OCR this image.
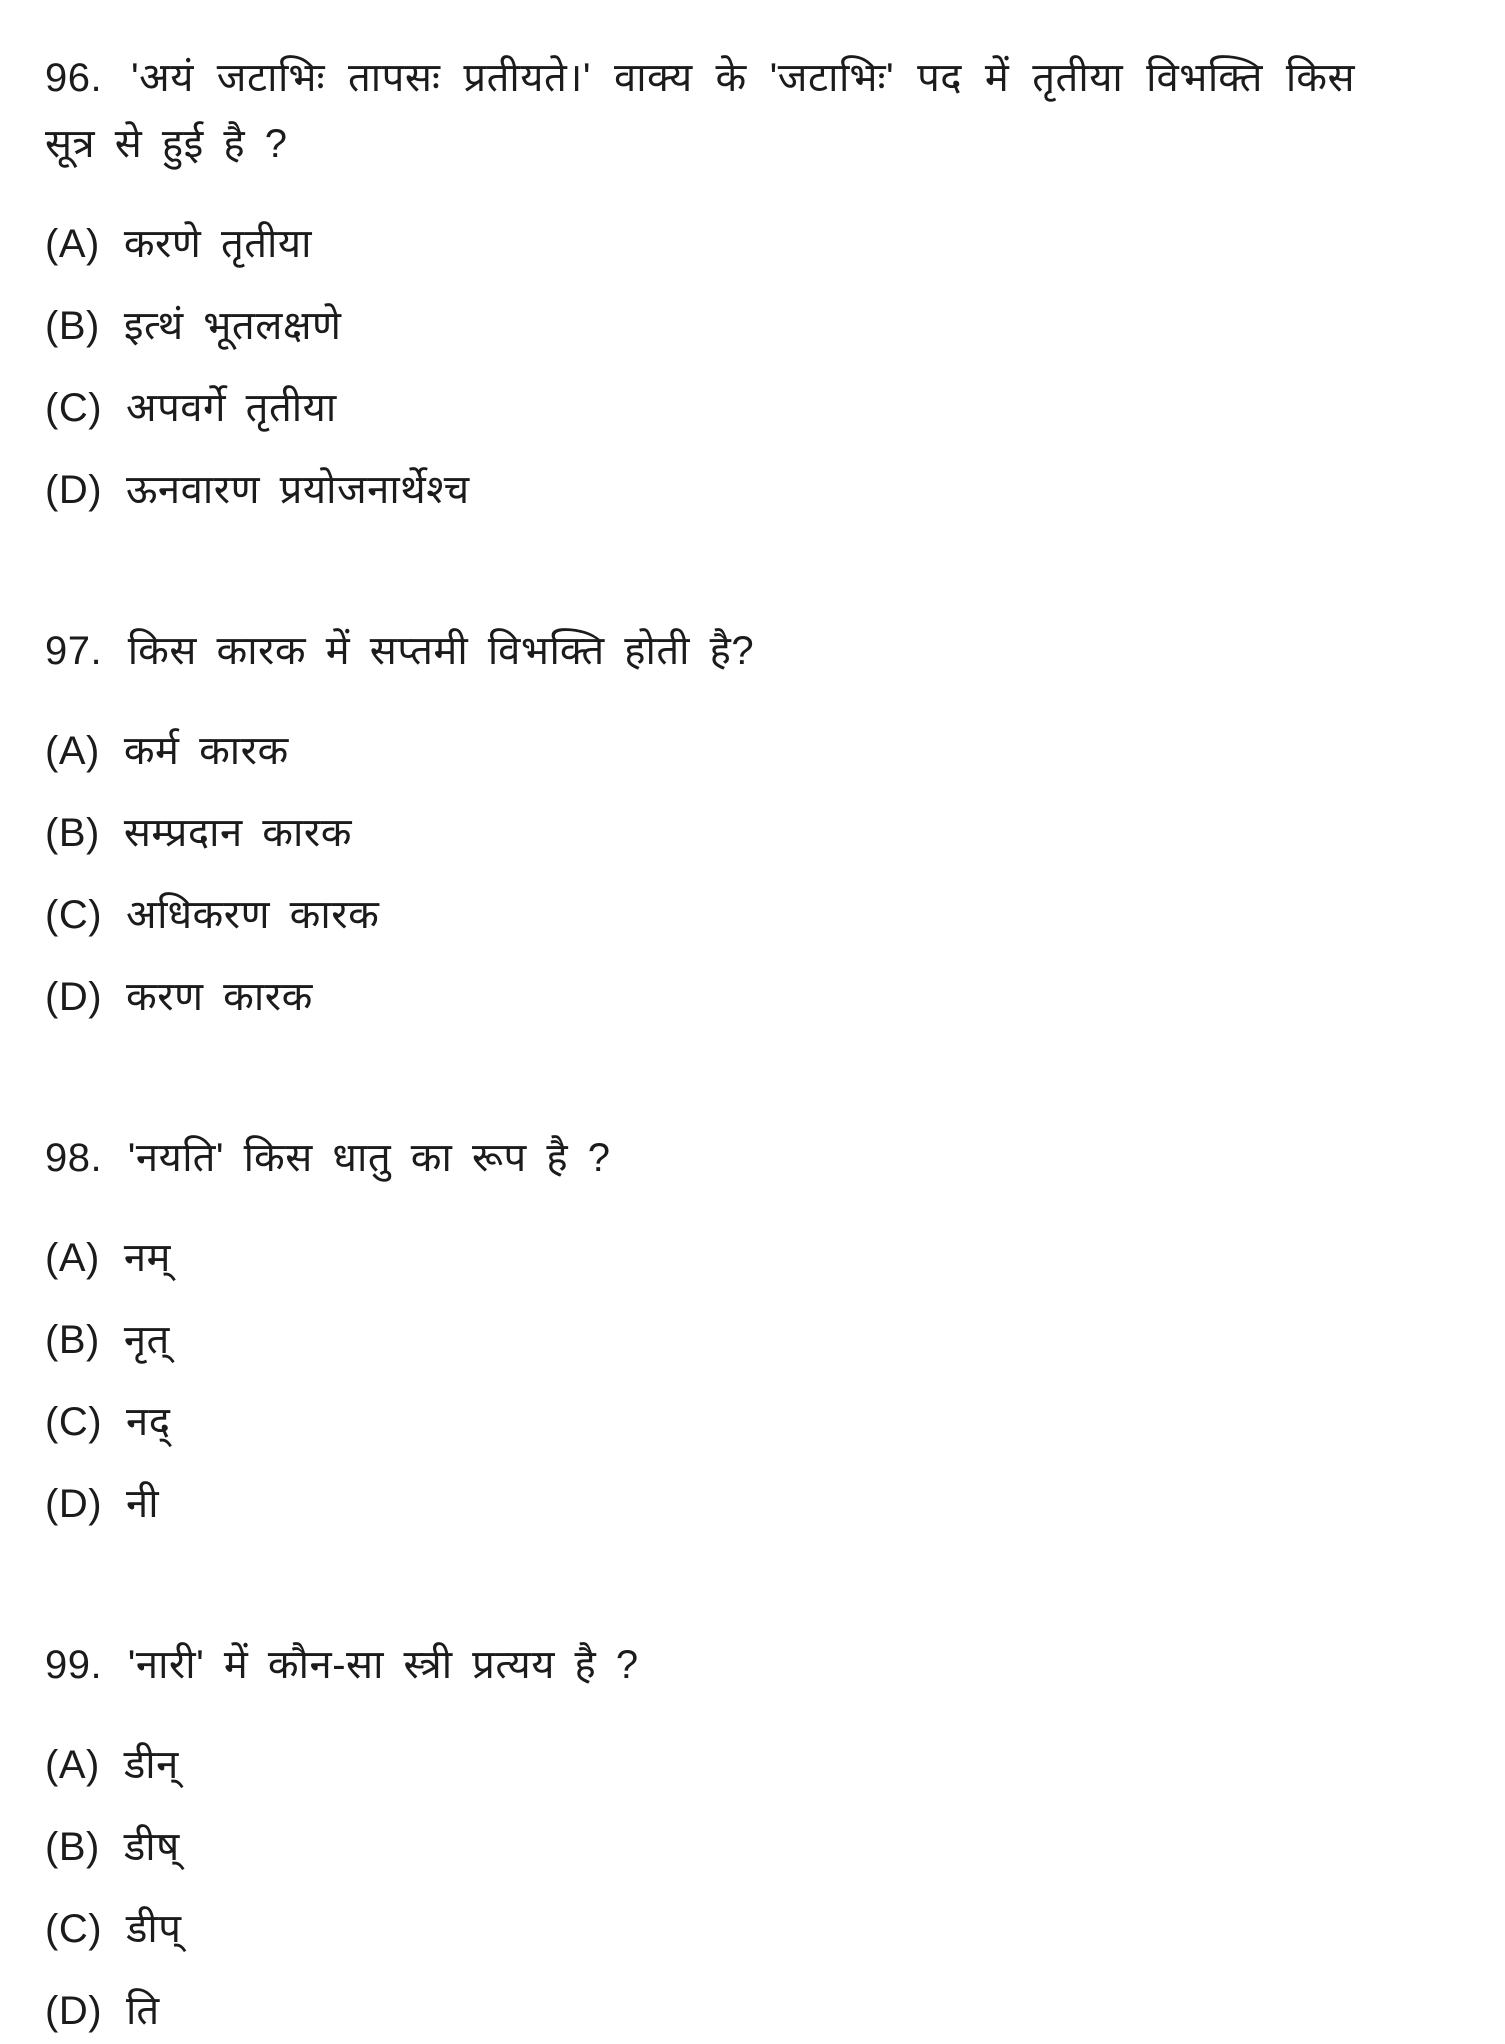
96. 'अयं जटाभिः तापसः प्रतीयते।' वाक्य के 'जटाभिः' पद में तृतीया विभक्ति किस सूत्र से हुई है ?

(A) करणे तृतीया

(B) इत्थं भूतलक्षणे

(C) अपवर्गे तृतीया

(D) ऊनवारण प्रयोजनार्थेश्च

97. किस कारक में सप्तमी विभक्ति होती है?

(A) कर्म कारक

(B) सम्प्रदान कारक

(C) अधिकरण कारक

(D) करण कारक

98. 'नयति' किस धातु का रूप है ?

(A) नम्

(B) नृत्

(C) नद्

(D) नी

99. 'नारी' में कौन-सा स्त्री प्रत्यय है ?

(A) डीन्

(B) डीष्

(C) डीप्

(D) ति
